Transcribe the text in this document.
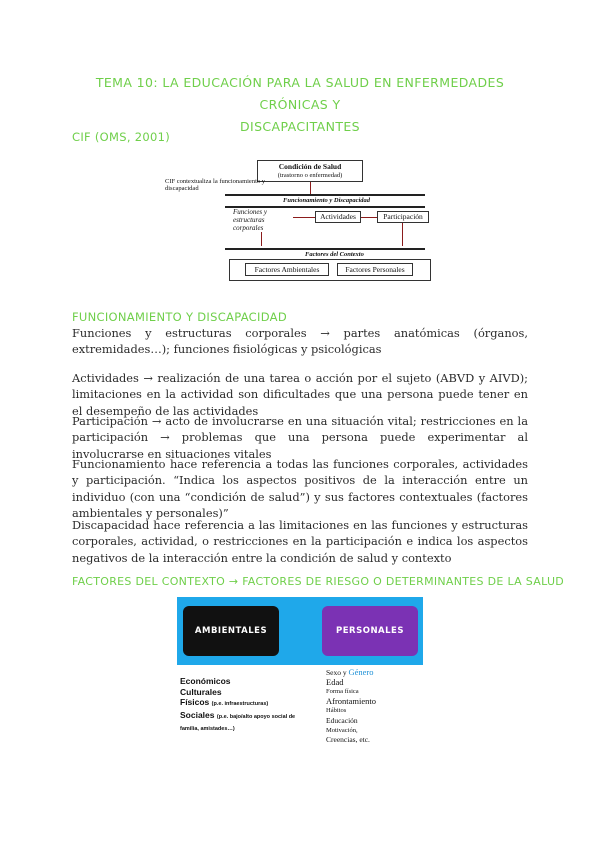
TEMA 10: LA EDUCACIÓN PARA LA SALUD EN ENFERMEDADES CRÓNICAS Y
DISCAPACITANTES
CIF (OMS, 2001)
Condición de Salud
(trastorno o enfermedad)
CIF contextualiza la funcionamiento y discapacidad
Funcionamiento y Discapacidad
Funciones y estructuras corporales
Actividades	Participación
Factores del Contexto
Factores Ambientales	Factores Personales
FUNCIONAMIENTO Y DISCAPACIDAD

Funciones y estructuras corporales → partes anatómicas (órganos, extremidades…); funciones fisiológicas y psicológicas

Actividades → realización de una tarea o acción por el sujeto (ABVD y AIVD); limitaciones en la actividad son dificultades que una persona puede tener en el desempeño de las actividades

Participación → acto de involucrarse en una situación vital; restricciones en la participación → problemas que una persona puede experimentar al involucrarse en situaciones vitales

Funcionamiento hace referencia a todas las funciones corporales, actividades y participación. “Indica los aspectos positivos de la interacción entre un individuo (con una “condición de salud”) y sus factores contextuales (factores ambientales y personales)”

Discapacidad hace referencia a las limitaciones en las funciones y estructuras corporales, actividad, o restricciones en la participación e indica los aspectos negativos de la interacción entre la condición de salud y contexto

FACTORES DEL CONTEXTO → FACTORES DE RIESGO O DETERMINANTES DE LA SALUD
AMBIENTALES	PERSONALES
Económicos
Culturales
Físicos (p.e. infraestructuras)
Sociales (p.e. bajo/alto apoyo social de familia, amistades…)
Sexo y Género
Edad
Forma física
Afrontamiento
Hábitos
Educación
Motivación,
Creencias, etc.
